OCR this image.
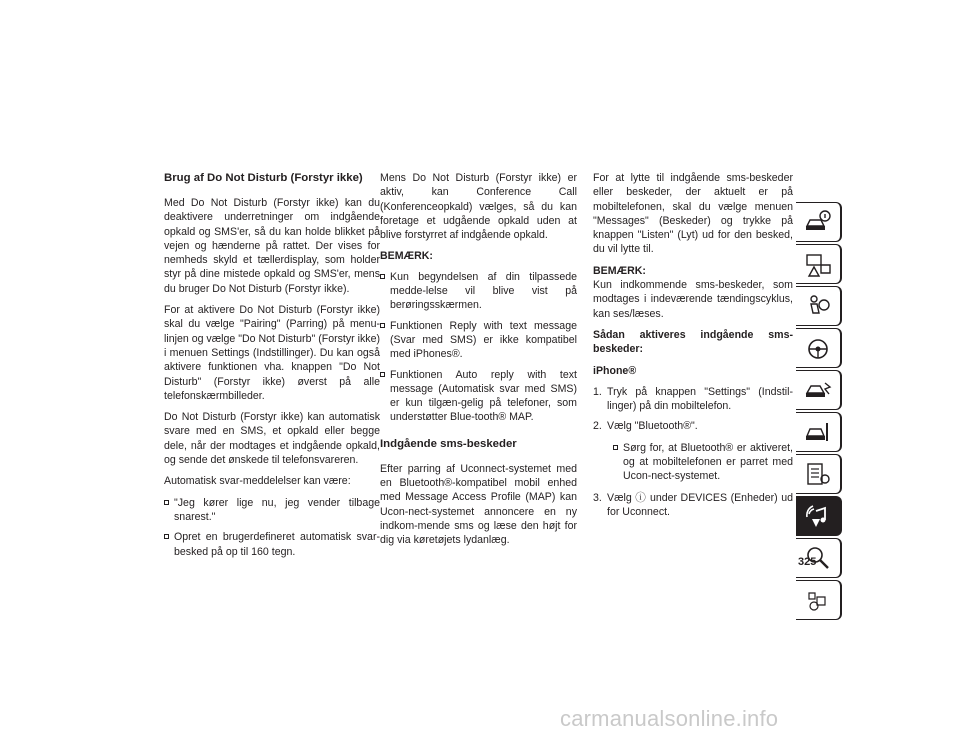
Brug af Do Not Disturb (Forstyr ikke)

Med Do Not Disturb (Forstyr ikke) kan du deaktivere underretninger om indgående opkald og SMS'er, så du kan holde blikket på vejen og hænderne på rattet. Der vises for nemheds skyld et tællerdisplay, som holder styr på dine mistede opkald og SMS'er, mens du bruger Do Not Disturb (Forstyr ikke).

For at aktivere Do Not Disturb (Forstyr ikke) skal du vælge "Pairing" (Parring) på menu-linjen og vælge "Do Not Disturb" (Forstyr ikke) i menuen Settings (Indstillinger). Du kan også aktivere funktionen vha. knappen "Do Not Disturb" (Forstyr ikke) øverst på alle telefonskærmbilleder.

Do Not Disturb (Forstyr ikke) kan automatisk svare med en SMS, et opkald eller begge dele, når der modtages et indgående opkald, og sende det ønskede til telefonsvareren.

Automatisk svar-meddelelser kan være:

"Jeg kører lige nu, jeg vender tilbage snarest."
Opret en brugerdefineret automatisk svar-besked på op til 160 tegn.

Mens Do Not Disturb (Forstyr ikke) er aktiv, kan Conference Call (Konferenceopkald) vælges, så du kan foretage et udgående opkald uden at blive forstyrret af indgående opkald.

BEMÆRK:

Kun begyndelsen af din tilpassede medde-lelse vil blive vist på berøringsskærmen.
Funktionen Reply with text message (Svar med SMS) er ikke kompatibel med iPhones®.
Funktionen Auto reply with text message (Automatisk svar med SMS) er kun tilgæn-gelig på telefoner, som understøtter Blue-tooth® MAP.
Indgående sms-beskeder

Efter parring af Uconnect-systemet med en Bluetooth®-kompatibel mobil enhed med Message Access Profile (MAP) kan Ucon-nect-systemet annoncere en ny indkom-mende sms og læse den højt for dig via køretøjets lydanlæg.

For at lytte til indgående sms-beskeder eller beskeder, der aktuelt er på mobiltelefonen, skal du vælge menuen "Messages" (Beskeder) og trykke på knappen "Listen" (Lyt) ud for den besked, du vil lytte til.

BEMÆRK:

Kun indkommende sms-beskeder, som modtages i indeværende tændingscyklus, kan ses/læses.

Sådan aktiveres indgående sms-beskeder:

iPhone®

1. Tryk på knappen "Settings" (Indstil-linger) på din mobiltelefon.
2. Vælg "Bluetooth®".
Sørg for, at Bluetooth® er aktiveret, og at mobiltelefonen er parret med Ucon-nect-systemet.
3. Vælg ⓘ under DEVICES (Enheder) ud for Uconnect.
325
carmanualsonline.info
